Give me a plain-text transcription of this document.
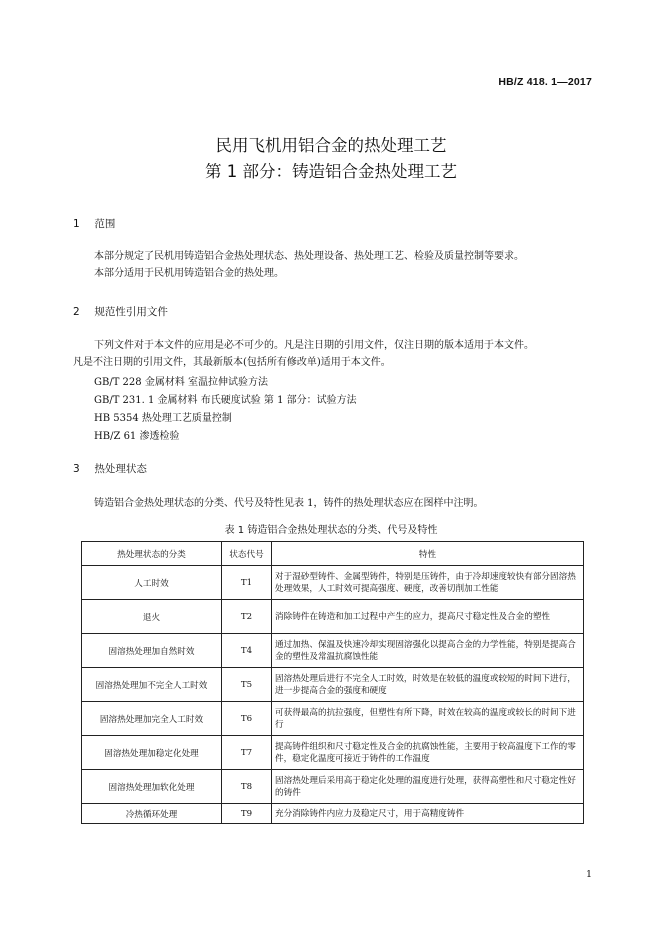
HB/Z 418. 1—2017
民用飞机用铝合金的热处理工艺
第 1 部分：铸造铝合金热处理工艺
1 范围
本部分规定了民机用铸造铝合金热处理状态、热处理设备、热处理工艺、检验及质量控制等要求。
本部分适用于民机用铸造铝合金的热处理。
2 规范性引用文件
下列文件对于本文件的应用是必不可少的。凡是注日期的引用文件，仅注日期的版本适用于本文件。
凡是不注日期的引用文件，其最新版本(包括所有修改单)适用于本文件。
GB/T 228 金属材料 室温拉伸试验方法
GB/T 231. 1 金属材料 布氏硬度试验 第 1 部分：试验方法
HB 5354 热处理工艺质量控制
HB/Z 61 渗透检验
3 热处理状态
铸造铝合金热处理状态的分类、代号及特性见表 1，铸件的热处理状态应在图样中注明。
表 1 铸造铝合金热处理状态的分类、代号及特性
热处理状态的分类	状态代号	特性
人工时效	T1	对于湿砂型铸件、金属型铸件，特别是压铸件，由于冷却速度较快有部分固溶热处理效果，人工时效可提高强度、硬度，改善切削加工性能
退火	T2	消除铸件在铸造和加工过程中产生的应力，提高尺寸稳定性及合金的塑性
固溶热处理加自然时效	T4	通过加热、保温及快速冷却实现固溶强化以提高合金的力学性能，特别是提高合金的塑性及常温抗腐蚀性能
固溶热处理加不完全人工时效	T5	固溶热处理后进行不完全人工时效，时效是在较低的温度或较短的时间下进行，进一步提高合金的强度和硬度
固溶热处理加完全人工时效	T6	可获得最高的抗拉强度，但塑性有所下降，时效在较高的温度或较长的时间下进行
固溶热处理加稳定化处理	T7	提高铸件组织和尺寸稳定性及合金的抗腐蚀性能，主要用于较高温度下工作的零件，稳定化温度可接近于铸件的工作温度
固溶热处理加软化处理	T8	固溶热处理后采用高于稳定化处理的温度进行处理，获得高塑性和尺寸稳定性好的铸件
冷热循环处理	T9	充分消除铸件内应力及稳定尺寸，用于高精度铸件
1
